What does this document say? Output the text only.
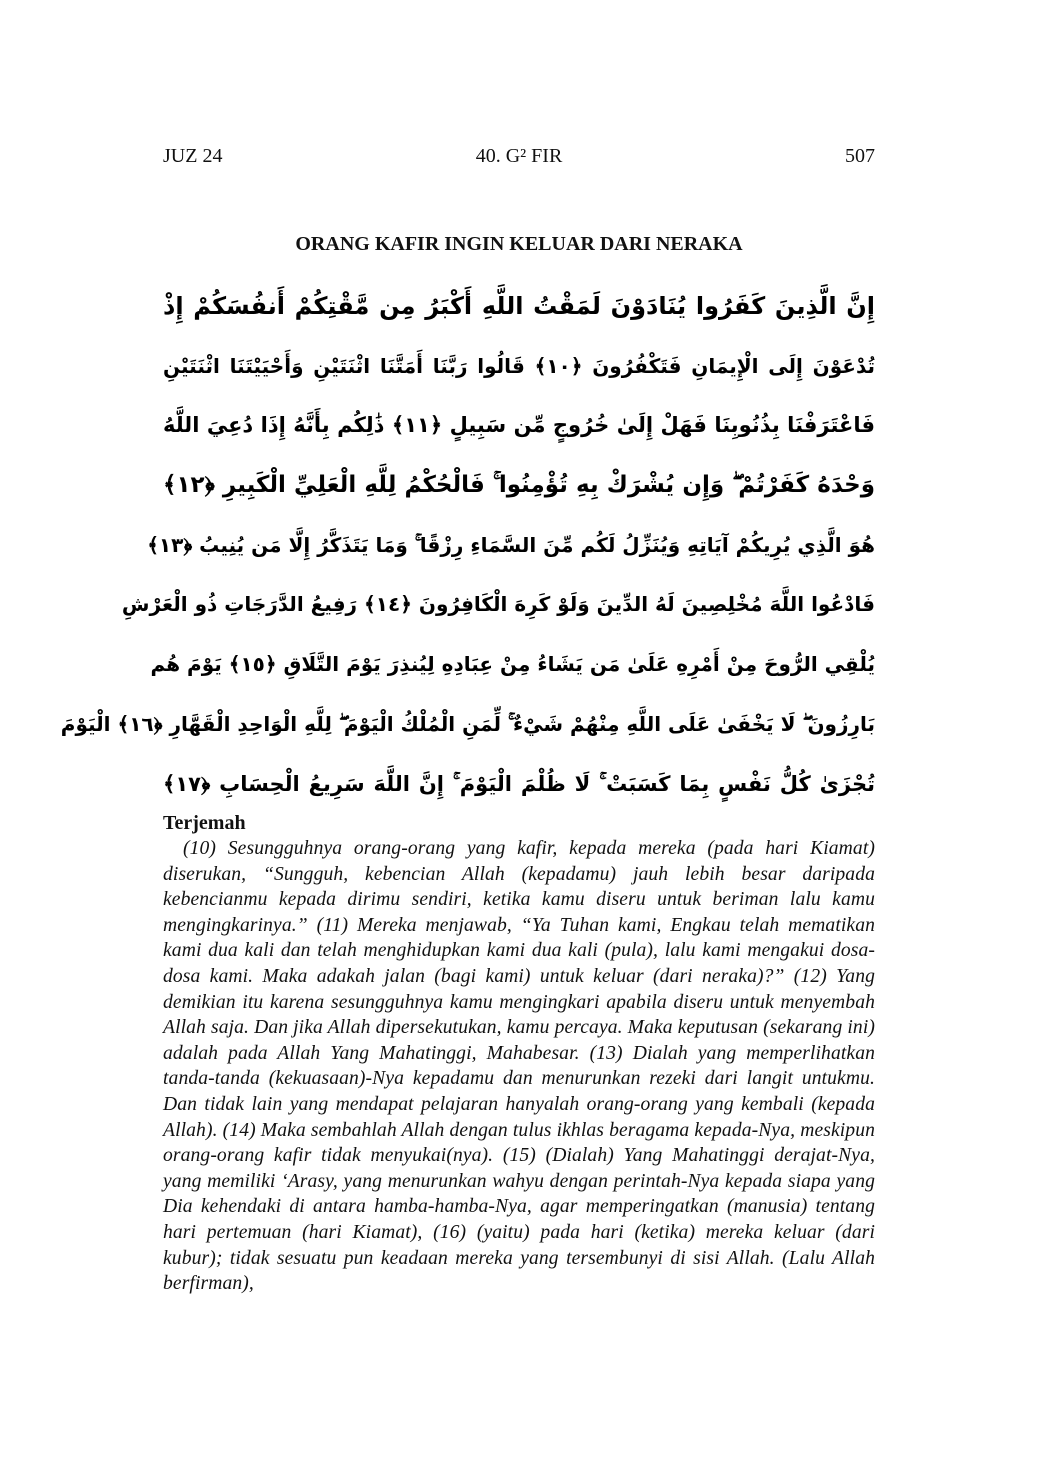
JUZ 24	40. G² FIR	507
ORANG KAFIR INGIN KELUAR DARI NERAKA
إِنَّ الَّذِينَ كَفَرُوا يُنَادَوْنَ لَمَقْتُ اللَّهِ أَكْبَرُ مِن مَّقْتِكُمْ أَنفُسَكُمْ إِذْ
تُدْعَوْنَ إِلَى الْإِيمَانِ فَتَكْفُرُونَ ﴿١٠﴾ قَالُوا رَبَّنَا أَمَتَّنَا اثْنَتَيْنِ وَأَحْيَيْتَنَا اثْنَتَيْنِ
فَاعْتَرَفْنَا بِذُنُوبِنَا فَهَلْ إِلَىٰ خُرُوجٍ مِّن سَبِيلٍ ﴿١١﴾ ذَٰلِكُم بِأَنَّهُ إِذَا دُعِيَ اللَّهُ
وَحْدَهُ كَفَرْتُمْ ۖ وَإِن يُشْرَكْ بِهِ تُؤْمِنُوا ۚ فَالْحُكْمُ لِلَّهِ الْعَلِيِّ الْكَبِيرِ ﴿١٢﴾
هُوَ الَّذِي يُرِيكُمْ آيَاتِهِ وَيُنَزِّلُ لَكُم مِّنَ السَّمَاءِ رِزْقًا ۚ وَمَا يَتَذَكَّرُ إِلَّا مَن يُنِيبُ ﴿١٣﴾
فَادْعُوا اللَّهَ مُخْلِصِينَ لَهُ الدِّينَ وَلَوْ كَرِهَ الْكَافِرُونَ ﴿١٤﴾ رَفِيعُ الدَّرَجَاتِ ذُو الْعَرْشِ
يُلْقِي الرُّوحَ مِنْ أَمْرِهِ عَلَىٰ مَن يَشَاءُ مِنْ عِبَادِهِ لِيُنذِرَ يَوْمَ التَّلَاقِ ﴿١٥﴾ يَوْمَ هُم
بَارِزُونَ ۖ لَا يَخْفَىٰ عَلَى اللَّهِ مِنْهُمْ شَيْءٌ ۚ لِّمَنِ الْمُلْكُ الْيَوْمَ ۖ لِلَّهِ الْوَاحِدِ الْقَهَّارِ ﴿١٦﴾ الْيَوْمَ
تُجْزَىٰ كُلُّ نَفْسٍ بِمَا كَسَبَتْ ۚ لَا ظُلْمَ الْيَوْمَ ۚ إِنَّ اللَّهَ سَرِيعُ الْحِسَابِ ﴿١٧﴾
Terjemah

(10) Sesungguhnya orang-orang yang kafir, kepada mereka (pada hari Kiamat) diserukan, “Sungguh, kebencian Allah (kepadamu) jauh lebih besar daripada kebencianmu kepada dirimu sendiri, ketika kamu diseru untuk beriman lalu kamu mengingkarinya.” (11) Mereka menjawab, “Ya Tuhan kami, Engkau telah mematikan kami dua kali dan telah menghidupkan kami dua kali (pula), lalu kami mengakui dosa-dosa kami. Maka adakah jalan (bagi kami) untuk keluar (dari neraka)?” (12) Yang demikian itu karena sesungguhnya kamu mengingkari apabila diseru untuk menyembah Allah saja. Dan jika Allah dipersekutukan, kamu percaya. Maka keputusan (sekarang ini) adalah pada Allah Yang Mahatinggi, Mahabesar. (13) Dialah yang memperlihatkan tanda-tanda (kekuasaan)-Nya kepadamu dan menurunkan rezeki dari langit untukmu. Dan tidak lain yang mendapat pelajaran hanyalah orang-orang yang kembali (kepada Allah). (14) Maka sembahlah Allah dengan tulus ikhlas beragama kepada-Nya, meskipun orang-orang kafir tidak menyukai(nya). (15) (Dialah) Yang Mahatinggi derajat-Nya, yang memiliki ‘Arasy, yang menurunkan wahyu dengan perintah-Nya kepada siapa yang Dia kehendaki di antara hamba-hamba-Nya, agar memperingatkan (manusia) tentang hari pertemuan (hari Kiamat), (16) (yaitu) pada hari (ketika) mereka keluar (dari kubur); tidak sesuatu pun keadaan mereka yang tersembunyi di sisi Allah. (Lalu Allah berfirman),
